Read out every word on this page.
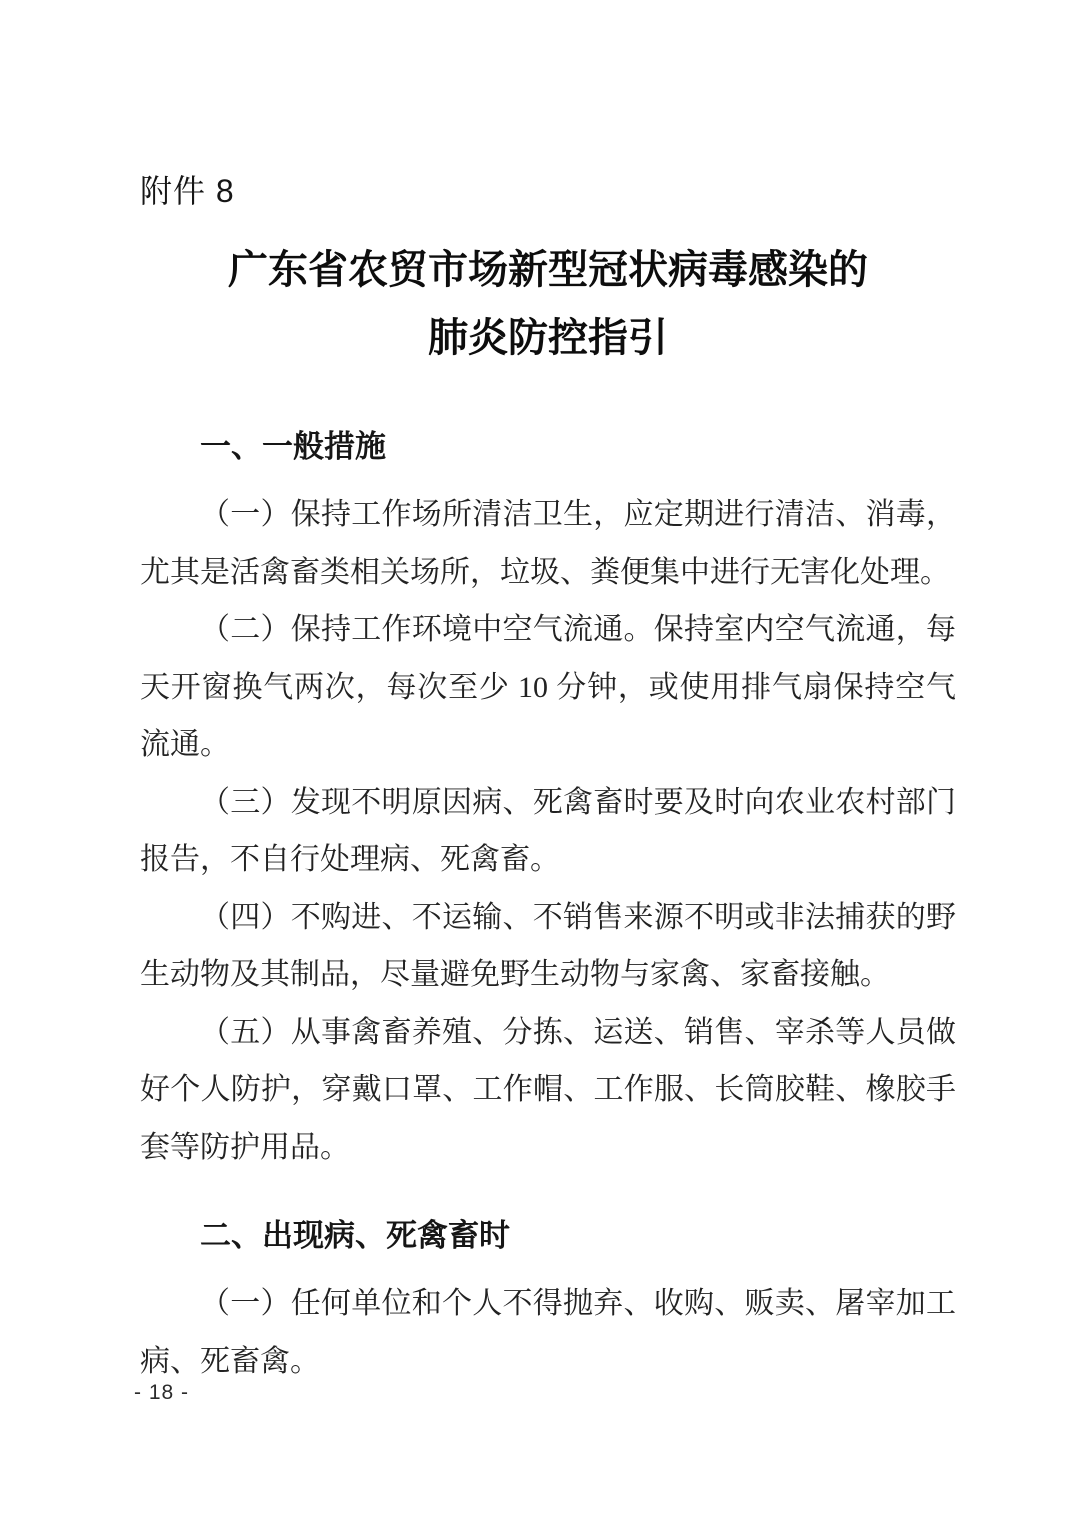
附件 8
广东省农贸市场新型冠状病毒感染的
肺炎防控指引
一、一般措施

（一）保持工作场所清洁卫生，应定期进行清洁、消毒，尤其是活禽畜类相关场所，垃圾、粪便集中进行无害化处理。

（二）保持工作环境中空气流通。保持室内空气流通，每天开窗换气两次，每次至少 10 分钟，或使用排气扇保持空气流通。

（三）发现不明原因病、死禽畜时要及时向农业农村部门报告，不自行处理病、死禽畜。

（四）不购进、不运输、不销售来源不明或非法捕获的野生动物及其制品，尽量避免野生动物与家禽、家畜接触。

（五）从事禽畜养殖、分拣、运送、销售、宰杀等人员做好个人防护，穿戴口罩、工作帽、工作服、长筒胶鞋、橡胶手套等防护用品。

二、出现病、死禽畜时

（一）任何单位和个人不得抛弃、收购、贩卖、屠宰加工病、死畜禽。

- 18 -
